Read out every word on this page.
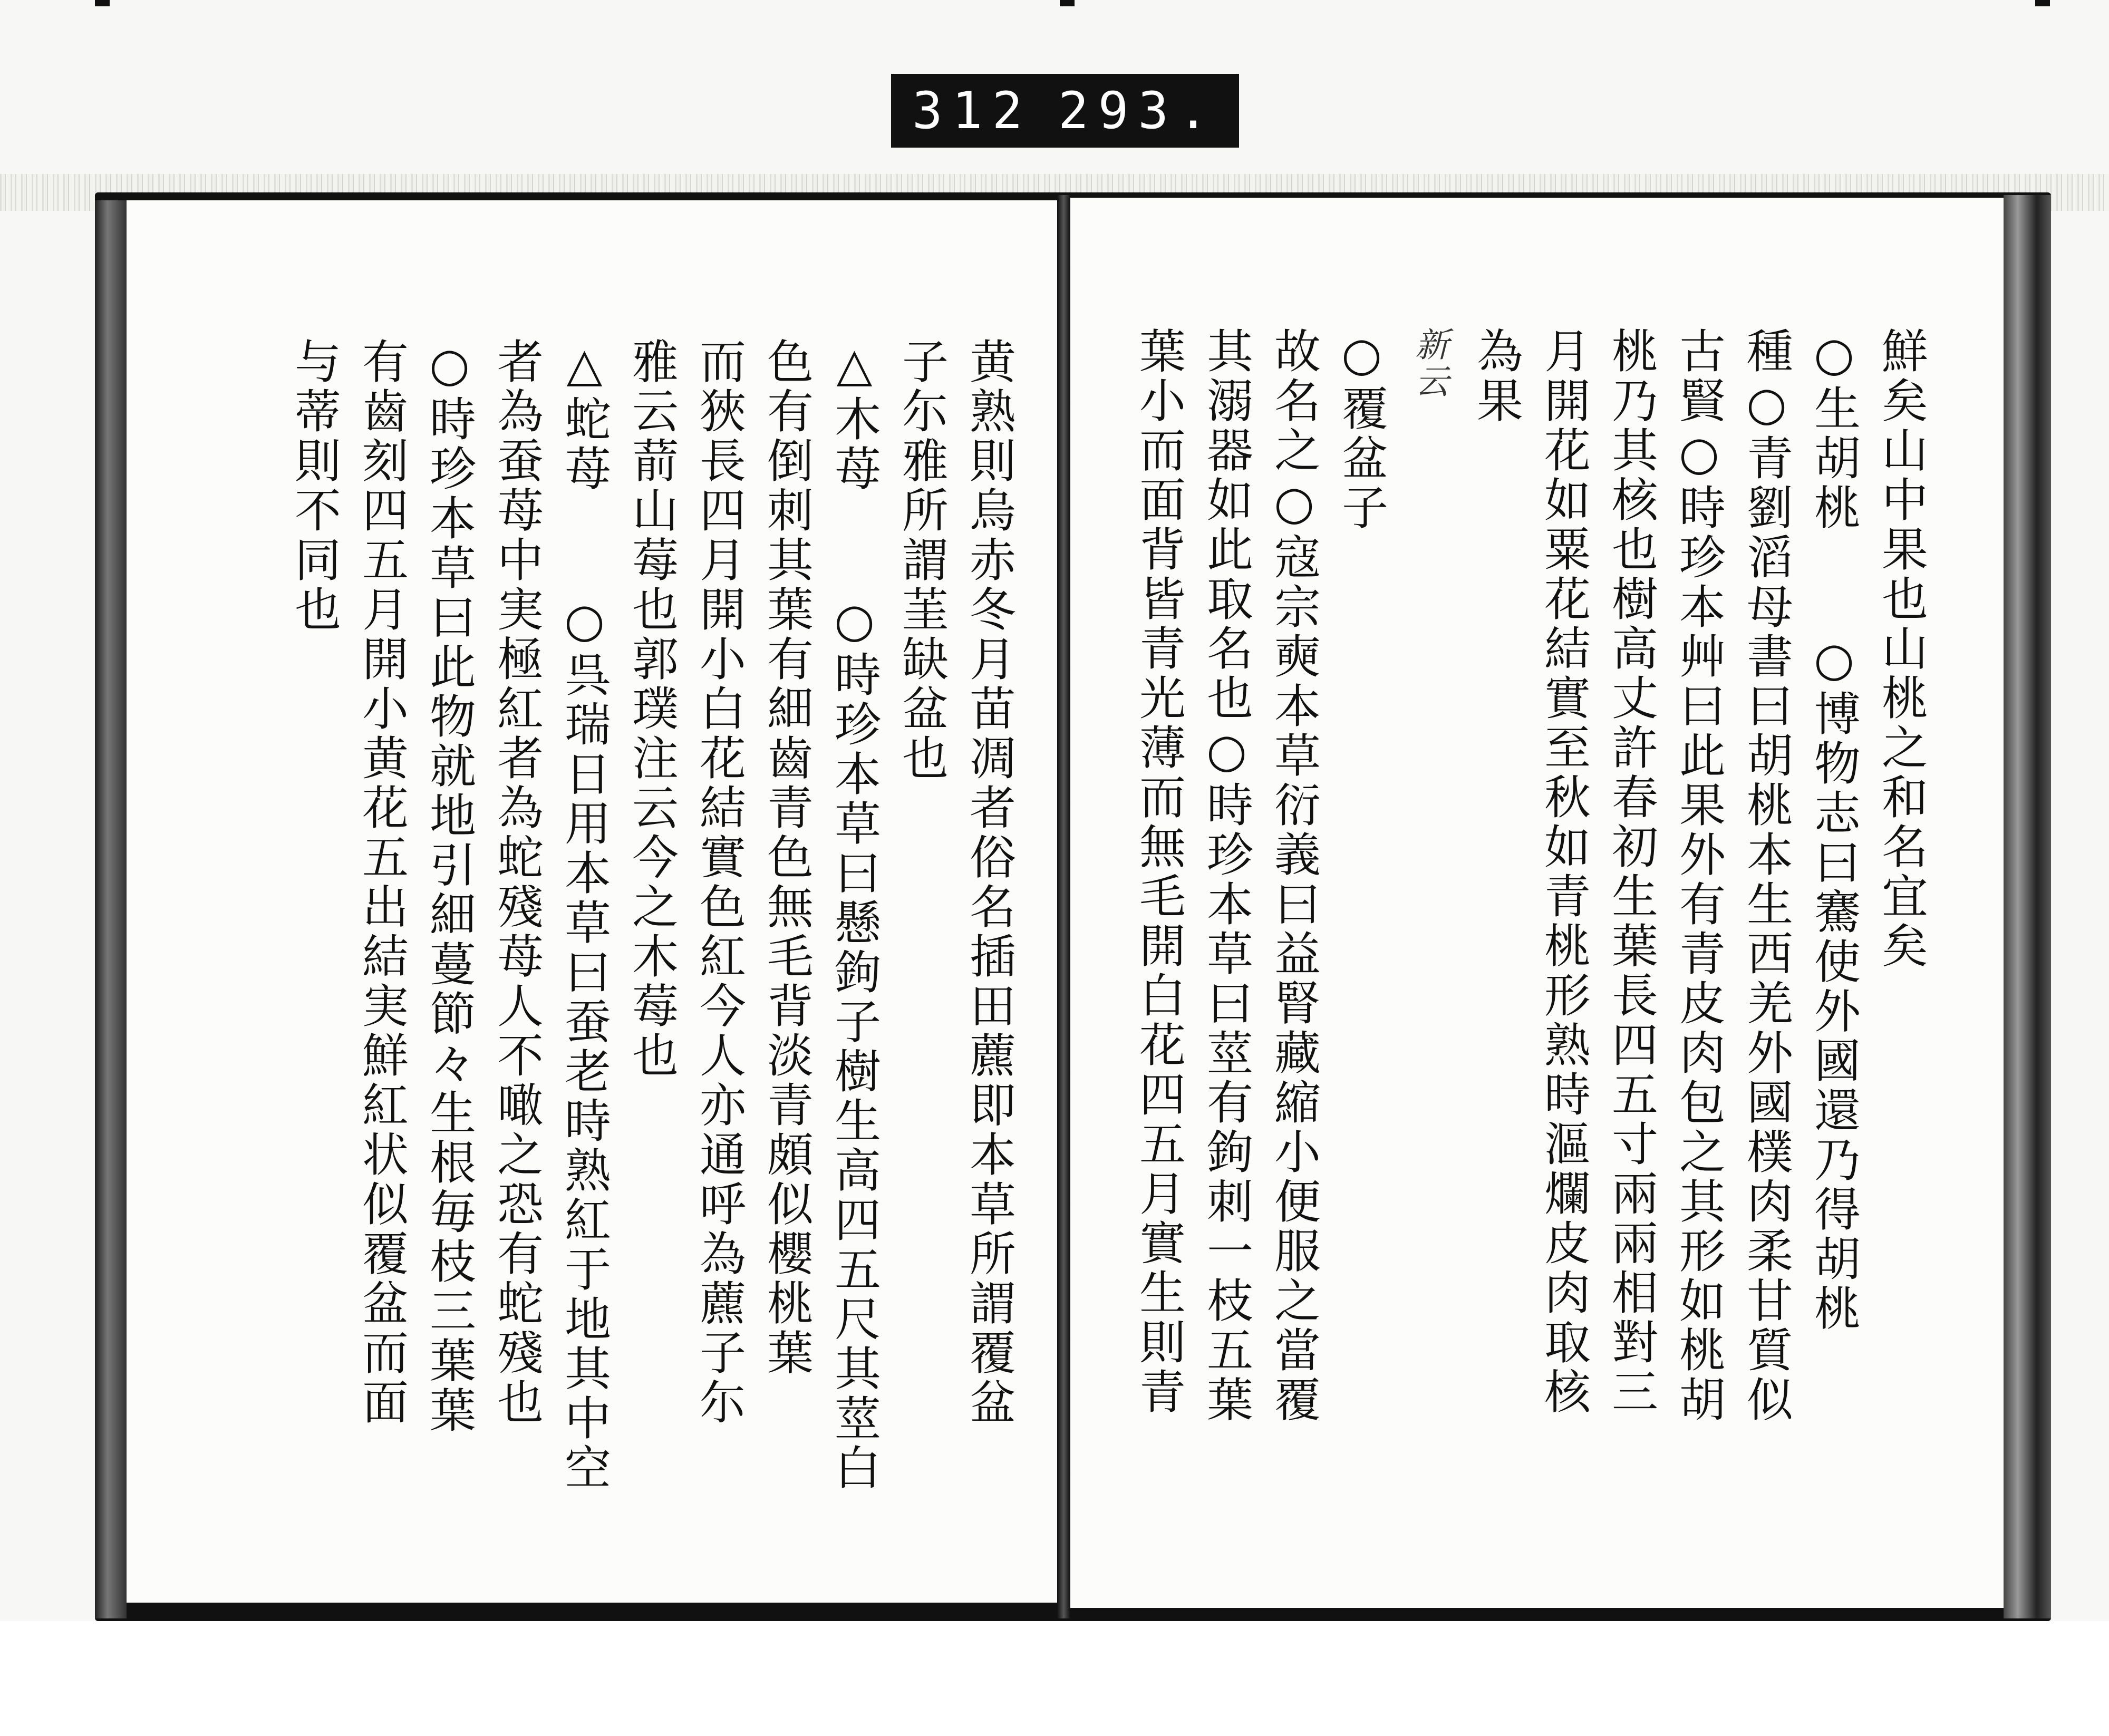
312 293.
鮮矣山中果也山桃之和名宜矣
○生胡桃　　○博物志曰騫使外國還乃得胡桃
種○青劉滔母書曰胡桃本生西羌外國樸肉柔甘質似
古賢○時珍本艸曰此果外有青皮肉包之其形如桃胡
桃乃其核也樹高丈許春初生葉長四五寸兩兩相對三
月開花如粟花結實至秋如青桃形熟時漚爛皮肉取核
為果
新云
○覆盆子
故名之○寇宗奭本草衍義曰益腎藏縮小便服之當覆
其溺器如此取名也○時珍本草曰莖有鉤刺一枝五葉
葉小而面背皆青光薄而無毛開白花四五月實生則青
黄熟則烏赤冬月苗凋者俗名插田藨即本草所謂覆盆
子尓雅所謂茥缺盆也
△木苺　　○時珍本草曰懸鉤子樹生高四五尺其莖白
色有倒刺其葉有細齒青色無毛背淡青頗似櫻桃葉
而狹長四月開小白花結實色紅今人亦通呼為藨子尓
雅云葥山莓也郭璞注云今之木莓也
△蛇苺　　○呉瑞日用本草曰蚕老時熟紅于地其中空
者為蚕苺中実極紅者為蛇殘苺人不噉之恐有蛇殘也
○時珍本草曰此物就地引細蔓節々生根毎枝三葉葉
有齒刻四五月開小黄花五出結実鮮紅状似覆盆而面
与蒂則不同也
